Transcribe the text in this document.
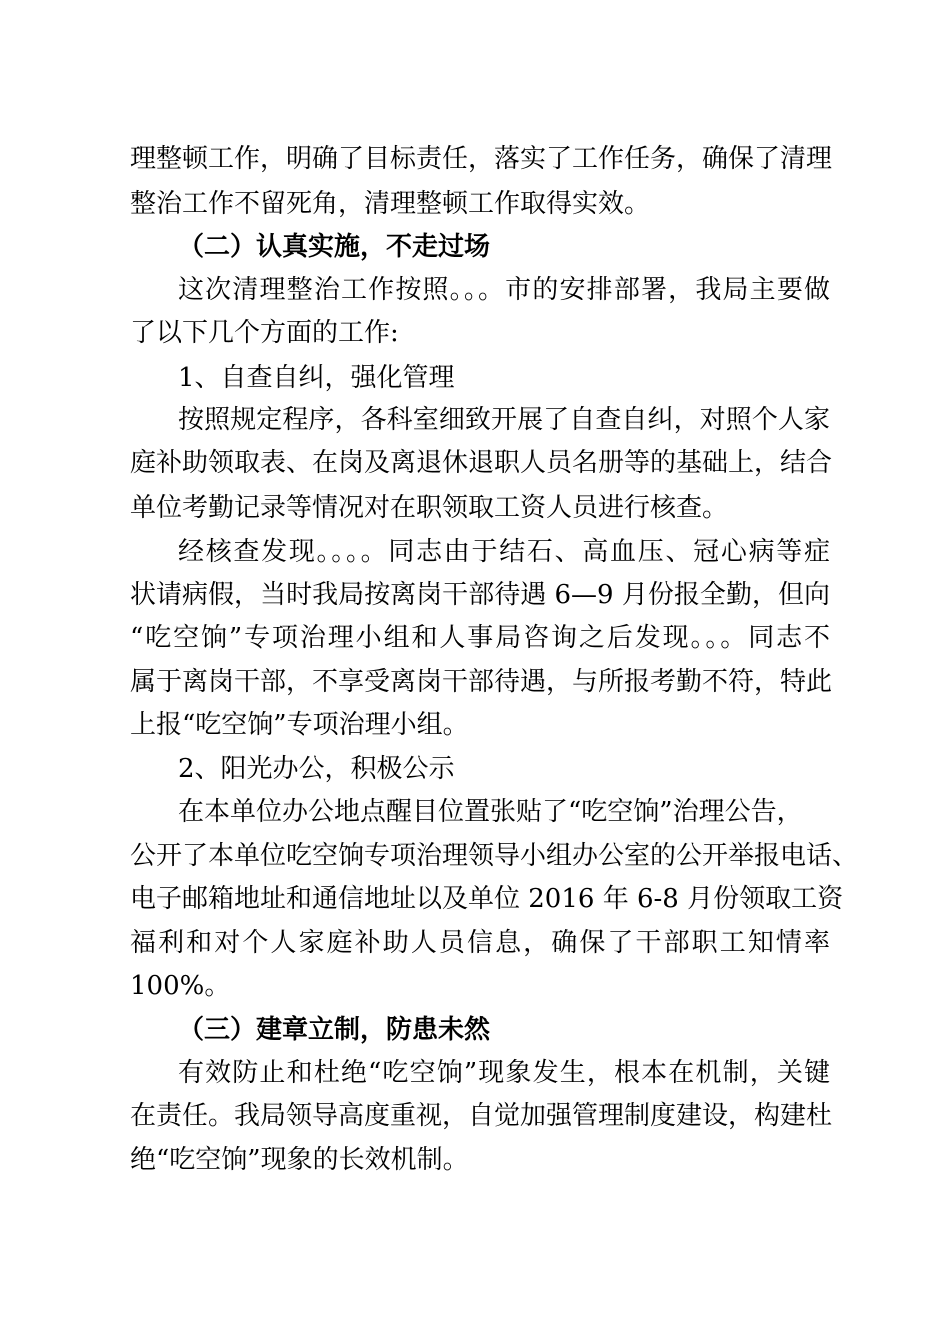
理整顿工作，明确了目标责任，落实了工作任务，确保了清理
整治工作不留死角，清理整顿工作取得实效。
（二）认真实施，不走过场
这次清理整治工作按照。。。市的安排部署，我局主要做
了以下几个方面的工作:
1、自查自纠，强化管理
按照规定程序，各科室细致开展了自查自纠，对照个人家
庭补助领取表、在岗及离退休退职人员名册等的基础上，结合
单位考勤记录等情况对在职领取工资人员进行核查。
经核查发现。。。。同志由于结石、高血压、冠心病等症
状请病假，当时我局按离岗干部待遇 6—9 月份报全勤，但向
“吃空饷”专项治理小组和人事局咨询之后发现。。。同志不
属于离岗干部，不享受离岗干部待遇，与所报考勤不符，特此
上报“吃空饷”专项治理小组。
2、阳光办公，积极公示
在本单位办公地点醒目位置张贴了“吃空饷”治理公告，
公开了本单位吃空饷专项治理领导小组办公室的公开举报电话、
电子邮箱地址和通信地址以及单位 2016 年 6-8 月份领取工资
福利和对个人家庭补助人员信息，确保了干部职工知情率
100%。
（三）建章立制，防患未然
有效防止和杜绝“吃空饷”现象发生，根本在机制，关键
在责任。我局领导高度重视，自觉加强管理制度建设，构建杜
绝“吃空饷”现象的长效机制。
